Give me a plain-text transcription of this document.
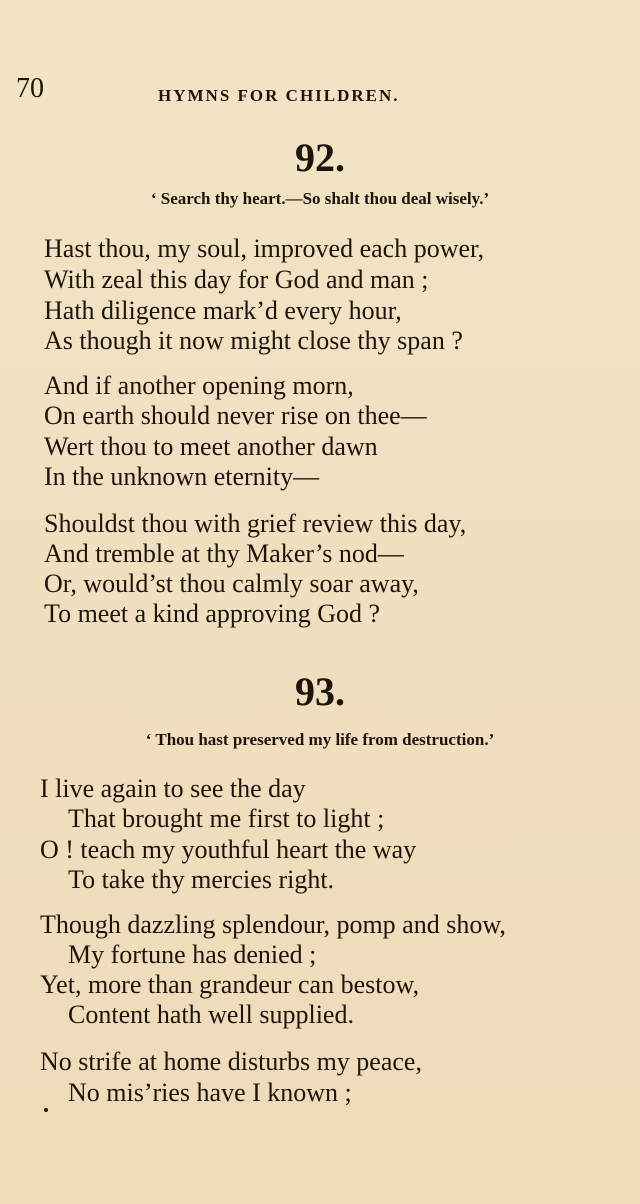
70	HYMNS FOR CHILDREN.
92.
‘ Search thy heart.—So shalt thou deal wisely.’
Hast thou, my soul, improved each power,
With zeal this day for God and man ;
Hath diligence mark’d every hour,
As though it now might close thy span ?
And if another opening morn,
On earth should never rise on thee—
Wert thou to meet another dawn
In the unknown eternity—
Shouldst thou with grief review this day,
And tremble at thy Maker’s nod—
Or, would’st thou calmly soar away,
To meet a kind approving God ?
93.
‘ Thou hast preserved my life from destruction.’
I live again to see the day
That brought me first to light ;
O ! teach my youthful heart the way
To take thy mercies right.
Though dazzling splendour, pomp and show,
My fortune has denied ;
Yet, more than grandeur can bestow,
Content hath well supplied.
No strife at home disturbs my peace,
No mis’ries have I known ;
